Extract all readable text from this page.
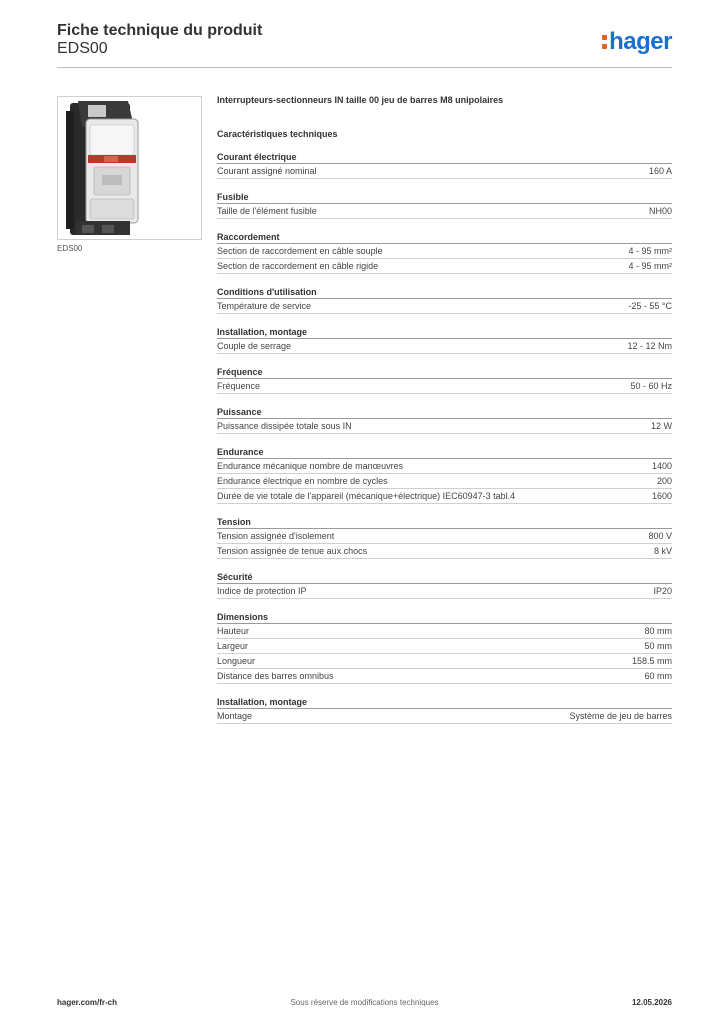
Fiche technique du produit
EDS00	hager
EDS00
Interrupteurs-sectionneurs IN taille 00 jeu de barres M8 unipolaires
Caractéristiques techniques
Courant électrique
Courant assigné nominal	160 A
Fusible
Taille de l'élément fusible	NH00
Raccordement
Section de raccordement en câble souple	4 - 95 mm²
Section de raccordement en câble rigide	4 - 95 mm²
Conditions d'utilisation
Température de service	-25 - 55 °C
Installation, montage
Couple de serrage	12 - 12 Nm
Fréquence
Fréquence	50 - 60 Hz
Puissance
Puissance dissipée totale sous IN	12 W
Endurance
Endurance mécanique nombre de manœuvres	1400
Endurance électrique en nombre de cycles	200
Durée de vie totale de l'appareil (mécanique+électrique) IEC60947-3 tabl.4	1600
Tension
Tension assignée d'isolement	800 V
Tension assignée de tenue aux chocs	8 kV
Sécurité
Indice de protection IP	IP20
Dimensions
Hauteur	80 mm
Largeur	50 mm
Longueur	158.5 mm
Distance des barres omnibus	60 mm
Installation, montage
Montage	Système de jeu de barres
hager.com/fr-ch	Sous réserve de modifications techniques	12.05.2026
